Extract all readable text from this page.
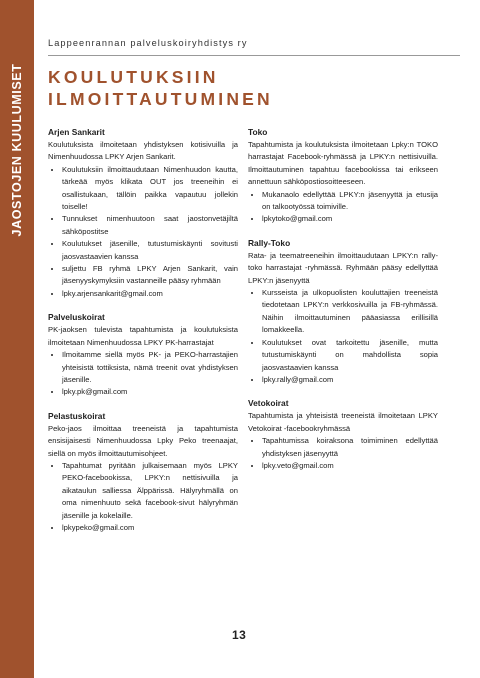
JAOSTOJEN KUULUMISET
Lappeenrannan palveluskoiryhdistys ry
KOULUTUKSIIN
ILMOITTAUTUMINEN
Arjen Sankarit

Koulutuksista ilmoitetaan yhdistyksen kotisivuilla ja Nimenhuudossa LPKY Arjen Sankarit.

• Koulutuksiin ilmoittaudutaan Nimenhuudon kautta, tärkeää myös klikata OUT jos treeneihin ei osallistukaan, tällöin paikka vapautuu jollekin toiselle!
• Tunnukset nimenhuutoon saat jaostonvetäjiltä sähköpostitse
• Koulutukset jäsenille, tutustumiskäynti sovitusti jaosvastaavien kanssa
• suljettu FB ryhmä LPKY Arjen Sankarit, vain jäsenyyskymyksiin vastanneille pääsy ryhmään
• lpky.arjensankarit@gmail.com
Palveluskoirat

PK-jaoksen tulevista tapahtumista ja koulutuksista ilmoitetaan Nimenhuudossa LPKY PK-harrastajat

• Ilmoitamme siellä myös PK- ja PEKO-harrastajien yhteisistä tottiksista, nämä treenit ovat yhdistyksen jäsenille.
• lpky.pk@gmail.com
Pelastuskoirat

Peko-jaos ilmoittaa treeneistä ja tapahtumista ensisijaisesti Nimenhuudossa Lpky Peko treenaajat, siellä on myös ilmoittautumisohjeet.

• Tapahtumat pyritään julkaisemaan myös LPKY PEKO-facebookissa, LPKY:n nettisivuilla ja aikataulun salliessa Älppärissä. Hälyryhmällä on oma nimenhuuto sekä facebook-sivut hälyryhmän jäsenille ja kokelaille.
• lpkypeko@gmail.com
Toko

Tapahtumista ja koulutuksista ilmoitetaan Lpky:n TOKO harrastajat Facebook-ryhmässä ja LPKY:n nettisivuilla. Ilmoittautuminen tapahtuu facebookissa tai erikseen annettuun sähköpostiosoitteeseen.

• Mukanaolo edellyttää LPKY:n jäsenyyttä ja etusija on talkootyössä toimiville.
• lpkytoko@gmail.com
Rally-Toko

Rata- ja teematreeneihin ilmoittaudutaan LPKY:n rally-toko harrastajat -ryhmässä. Ryhmään pääsy edellyttää LPKY:n jäsenyyttä

• Kursseista ja ulkopuolisten kouluttajien treeneistä tiedotetaan LPKY:n verkkosivuilla ja FB-ryhmässä. Näihin ilmoittautuminen pääasiassa erillisillä lomakkeella.
• Koulutukset ovat tarkoitettu jäsenille, mutta tutustumiskäynti on mahdollista sopia jaosvastaavien kanssa
• lpky.rally@gmail.com
Vetokoirat

Tapahtumista ja yhteisistä treeneistä ilmoitetaan LPKY Vetokoirat -facebookryhmässä

• Tapahtumissa koiraksona toimiminen edellyttää yhdistyksen jäsenyyttä
• lpky.veto@gmail.com
13
